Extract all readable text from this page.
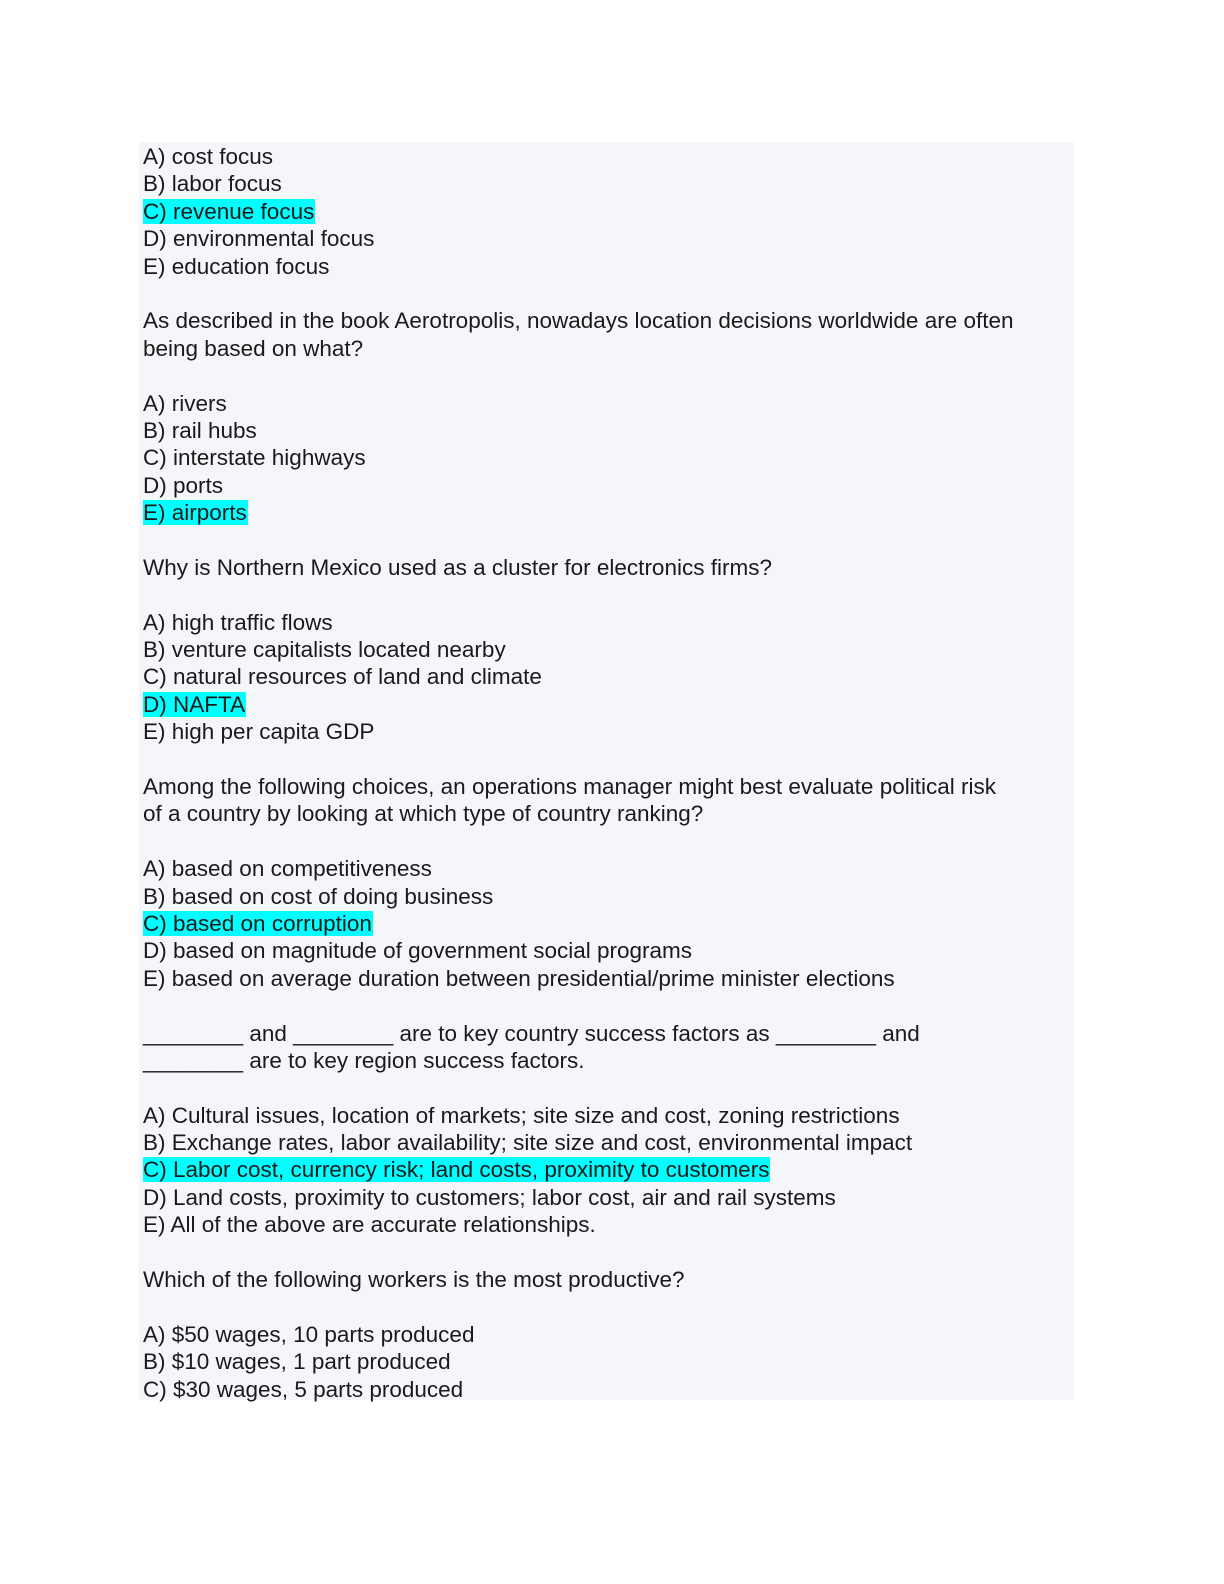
A) cost focus
B) labor focus
C) revenue focus
D) environmental focus
E) education focus
As described in the book Aerotropolis, nowadays location decisions worldwide are often
being based on what?
A) rivers
B) rail hubs
C) interstate highways
D) ports
E) airports
Why is Northern Mexico used as a cluster for electronics firms?
A) high traffic flows
B) venture capitalists located nearby
C) natural resources of land and climate
D) NAFTA
E) high per capita GDP
Among the following choices, an operations manager might best evaluate political risk
of a country by looking at which type of country ranking?
A) based on competitiveness
B) based on cost of doing business
C) based on corruption
D) based on magnitude of government social programs
E) based on average duration between presidential/prime minister elections
________ and ________ are to key country success factors as ________ and
________ are to key region success factors.
A) Cultural issues, location of markets; site size and cost, zoning restrictions
B) Exchange rates, labor availability; site size and cost, environmental impact
C) Labor cost, currency risk; land costs, proximity to customers
D) Land costs, proximity to customers; labor cost, air and rail systems
E) All of the above are accurate relationships.
Which of the following workers is the most productive?
A) $50 wages, 10 parts produced
B) $10 wages, 1 part produced
C) $30 wages, 5 parts produced
